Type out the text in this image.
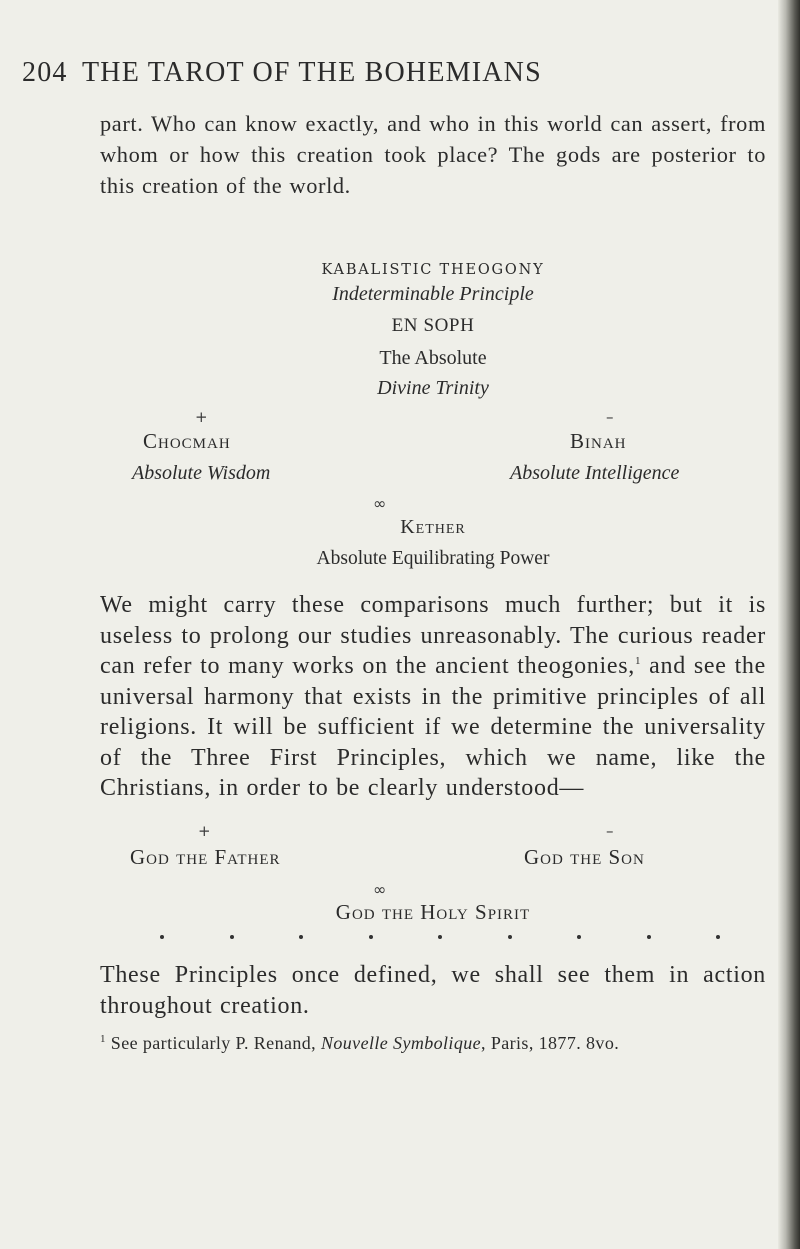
204 THE TAROT OF THE BOHEMIANS
part. Who can know exactly, and who in this world can assert, from whom or how this creation took place? The gods are posterior to this creation of the world.
KABALISTIC THEOGONY
Indeterminable Principle
EN SOPH
The Absolute
Divine Trinity
+	–
Chocmah	Binah
Absolute Wisdom	Absolute Intelligence
∞
Kether
Absolute Equilibrating Power
We might carry these comparisons much further; but it is useless to prolong our studies unreasonably. The curious reader can refer to many works on the ancient theogonies,$^1$ and see the universal harmony that exists in the primitive principles of all religions. It will be sufficient if we determine the universality of the Three First Principles, which we name, like the Christians, in order to be clearly understood—
+	–
God the Father	God the Son
∞
God the Holy Spirit
These Principles once defined, we shall see them in action throughout creation.
$^1$ See particularly P. Renand, Nouvelle Symbolique, Paris, 1877. 8vo.
